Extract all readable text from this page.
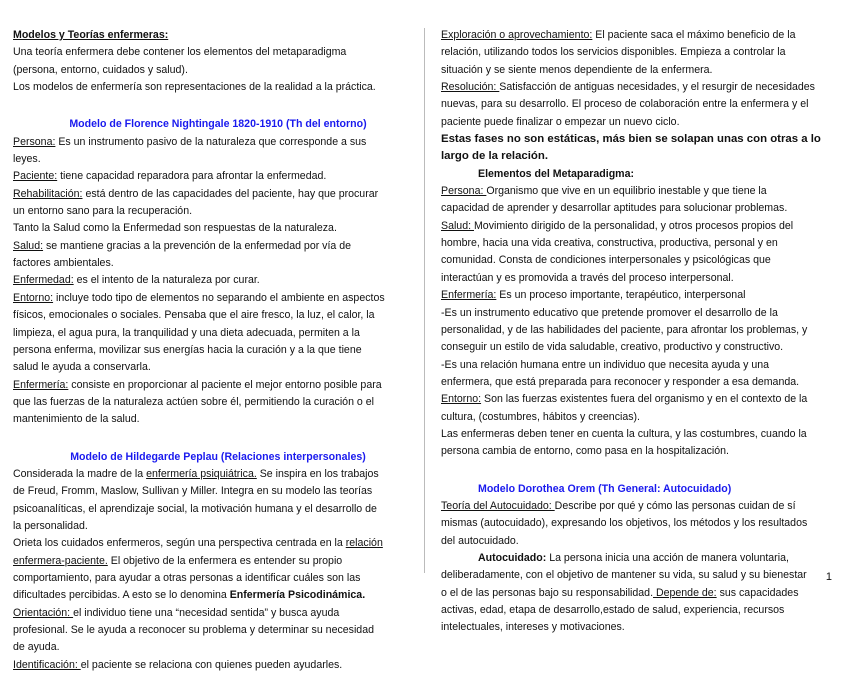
Modelos y Teorías enfermeras:

Una teoría enfermera debe contener los elementos del metaparadigma
(persona, entorno, cuidados y salud).
Los modelos de enfermería son representaciones de la realidad a la práctica.

Modelo de Florence Nightingale 1820-1910 (Th del entorno)

Persona: Es un instrumento pasivo de la naturaleza que corresponde a sus
leyes.

Paciente: tiene capacidad reparadora para afrontar la enfermedad.

Rehabilitación: está dentro de las capacidades del paciente, hay que procurar
un entorno sano para la recuperación.
Tanto la Salud como la Enfermedad son respuestas de la naturaleza.

Salud: se mantiene gracias a la prevención de la enfermedad por vía de
factores ambientales.

Enfermedad: es el intento de la naturaleza por curar.

Entorno: incluye todo tipo de elementos no separando el ambiente en aspectos
físicos, emocionales o sociales. Pensaba que el aire fresco, la luz, el calor, la
limpieza, el agua pura, la tranquilidad y una dieta adecuada, permiten a la
persona enferma, movilizar sus energías hacia la curación y a la que tiene
salud le ayuda a conservarla.

Enfermería: consiste en proporcionar al paciente el mejor entorno posible para
que las fuerzas de la naturaleza actúen sobre él, permitiendo la curación o el
mantenimiento de la salud.

Modelo de Hildegarde Peplau (Relaciones interpersonales)

Considerada la madre de la enfermería psiquiátrica. Se inspira en los trabajos
de Freud, Fromm, Maslow, Sullivan y Miller. Integra en su modelo las teorías
psicoanalíticas, el aprendizaje social, la motivación humana y el desarrollo de
la personalidad.

Orieta los cuidados enfermeros, según una perspectiva centrada en la relación
enfermera-paciente. El objetivo de la enfermera es entender su propio
comportamiento, para ayudar a otras personas a identificar cuáles son las
dificultades percibidas. A esto se lo denomina Enfermería Psicodinámica.

Orientación: el individuo tiene una “necesidad sentida” y busca ayuda
profesional. Se le ayuda a reconocer su problema y determinar su necesidad
de ayuda.

Identificación: el paciente se relaciona con quienes pueden ayudarles.

Exploración o aprovechamiento: El paciente saca el máximo beneficio de la
relación, utilizando todos los servicios disponibles. Empieza a controlar la
situación y se siente menos dependiente de la enfermera.

Resolución: Satisfacción de antiguas necesidades, y el resurgir de necesidades
nuevas, para su desarrollo. El proceso de colaboración entre la enfermera y el
paciente puede finalizar o empezar un nuevo ciclo.

Estas fases no son estáticas, más bien se solapan unas con otras a lo
largo de la relación.

Elementos del Metaparadigma:

Persona: Organismo que vive en un equilibrio inestable y que tiene la
capacidad de aprender y desarrollar aptitudes para solucionar problemas.

Salud: Movimiento dirigido de la personalidad, y otros procesos propios del
hombre, hacia una vida creativa, constructiva, productiva, personal y en
comunidad. Consta de condiciones interpersonales y psicológicas que
interactúan y es promovida a través del proceso interpersonal.

Enfermería: Es un proceso importante, terapéutico, interpersonal
-Es un instrumento educativo que pretende promover el desarrollo de la
personalidad, y de las habilidades del paciente, para afrontar los problemas, y
conseguir un estilo de vida saludable, creativo, productivo y constructivo.
-Es una relación humana entre un individuo que necesita ayuda y una
enfermera, que está preparada para reconocer y responder a esa demanda.

Entorno: Son las fuerzas existentes fuera del organismo y en el contexto de la
cultura, (costumbres, hábitos y creencias).
Las enfermeras deben tener en cuenta la cultura, y las costumbres, cuando la
persona cambia de entorno, como pasa en la hospitalización.

Modelo Dorothea Orem (Th General: Autocuidado)

Teoría del Autocuidado: Describe por qué y cómo las personas cuidan de sí
mismas (autocuidado), expresando los objetivos, los métodos y los resultados
del autocuidado.

Autocuidado: La persona inicia una acción de manera voluntaria,

deliberadamente, con el objetivo de mantener su vida, su salud y su bienestar
o el de las personas bajo su responsabilidad. Depende de: sus capacidades
activas, edad, etapa de desarrollo,estado de salud, experiencia, recursos
intelectuales, intereses y motivaciones.

1
